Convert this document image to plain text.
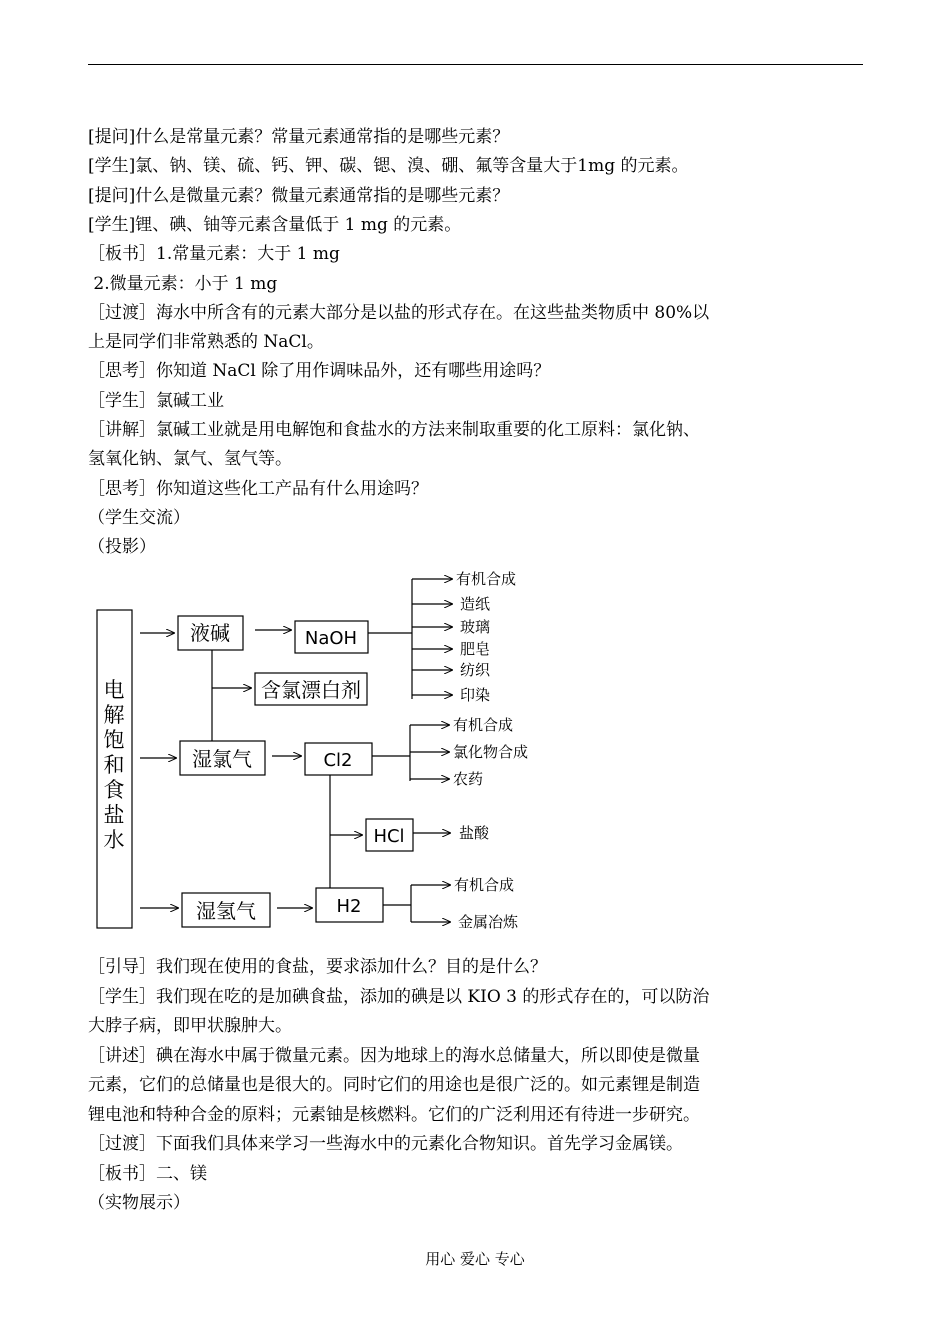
[提问]什么是常量元素？常量元素通常指的是哪些元素？
[学生]氯、钠、镁、硫、钙、钾、碳、锶、溴、硼、氟等含量大于1mg 的元素。
[提问]什么是微量元素？微量元素通常指的是哪些元素？
[学生]锂、碘、铀等元素含量低于 1 mg 的元素。
［板书］1.常量元素：大于 1 mg
2.微量元素：小于 1 mg
［过渡］海水中所含有的元素大部分是以盐的形式存在。在这些盐类物质中 80%以
上是同学们非常熟悉的 NaCl。
［思考］你知道 NaCl 除了用作调味品外，还有哪些用途吗？
［学生］氯碱工业
［讲解］氯碱工业就是用电解饱和食盐水的方法来制取重要的化工原料：氯化钠、
氢氧化钠、氯气、氢气等。
［思考］你知道这些化工产品有什么用途吗？
（学生交流）
（投影）
电
解
饱
和
食
盐
水
液碱	NaOH
含氯漂白剂
湿氯气	Cl2
HCl
湿氢气	H2
有机合成
造纸
玻璃
肥皂
纺织
印染
有机合成
氯化物合成
农药
盐酸
有机合成
金属冶炼
［引导］我们现在使用的食盐，要求添加什么？目的是什么？
［学生］我们现在吃的是加碘食盐，添加的碘是以 KIO 3 的形式存在的，可以防治
大脖子病，即甲状腺肿大。
［讲述］碘在海水中属于微量元素。因为地球上的海水总储量大，所以即使是微量
元素，它们的总储量也是很大的。同时它们的用途也是很广泛的。如元素锂是制造
锂电池和特种合金的原料；元素铀是核燃料。它们的广泛利用还有待进一步研究。
［过渡］下面我们具体来学习一些海水中的元素化合物知识。首先学习金属镁。
［板书］二、镁
（实物展示）
用心 爱心 专心
